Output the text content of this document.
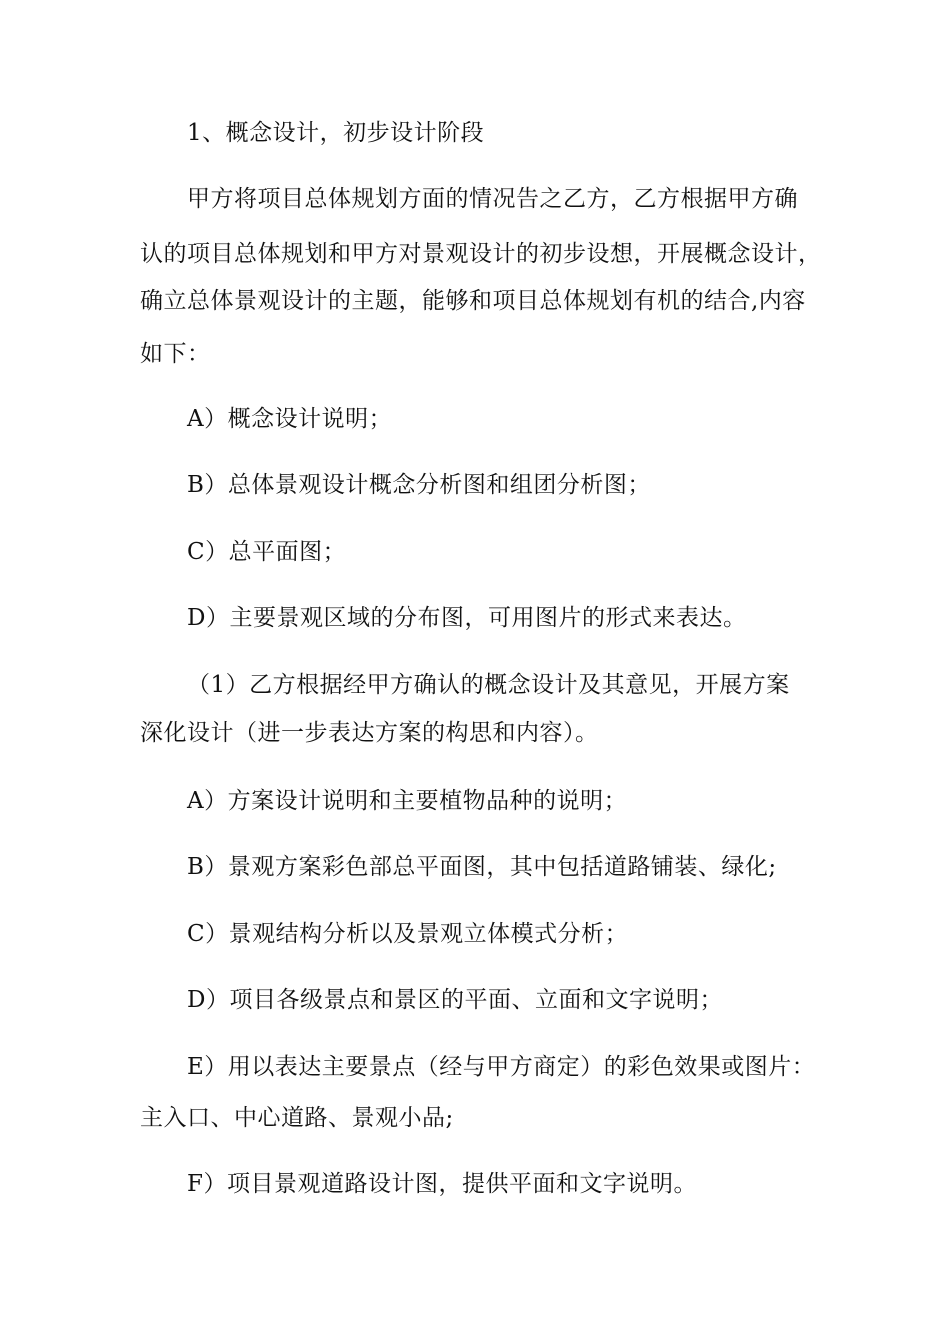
1、概念设计，初步设计阶段
甲方将项目总体规划方面的情况告之乙方，乙方根据甲方确
认的项目总体规划和甲方对景观设计的初步设想，开展概念设计，
确立总体景观设计的主题，能够和项目总体规划有机的结合,内容
如下：
A）概念设计说明；
B）总体景观设计概念分析图和组团分析图；
C）总平面图；
D）主要景观区域的分布图，可用图片的形式来表达。
（1）乙方根据经甲方确认的概念设计及其意见，开展方案
深化设计（进一步表达方案的构思和内容）。
A）方案设计说明和主要植物品种的说明；
B）景观方案彩色部总平面图，其中包括道路铺装、绿化;
C）景观结构分析以及景观立体模式分析；
D）项目各级景点和景区的平面、立面和文字说明；
E）用以表达主要景点（经与甲方商定）的彩色效果或图片：
主入口、中心道路、景观小品;
F）项目景观道路设计图，提供平面和文字说明。
